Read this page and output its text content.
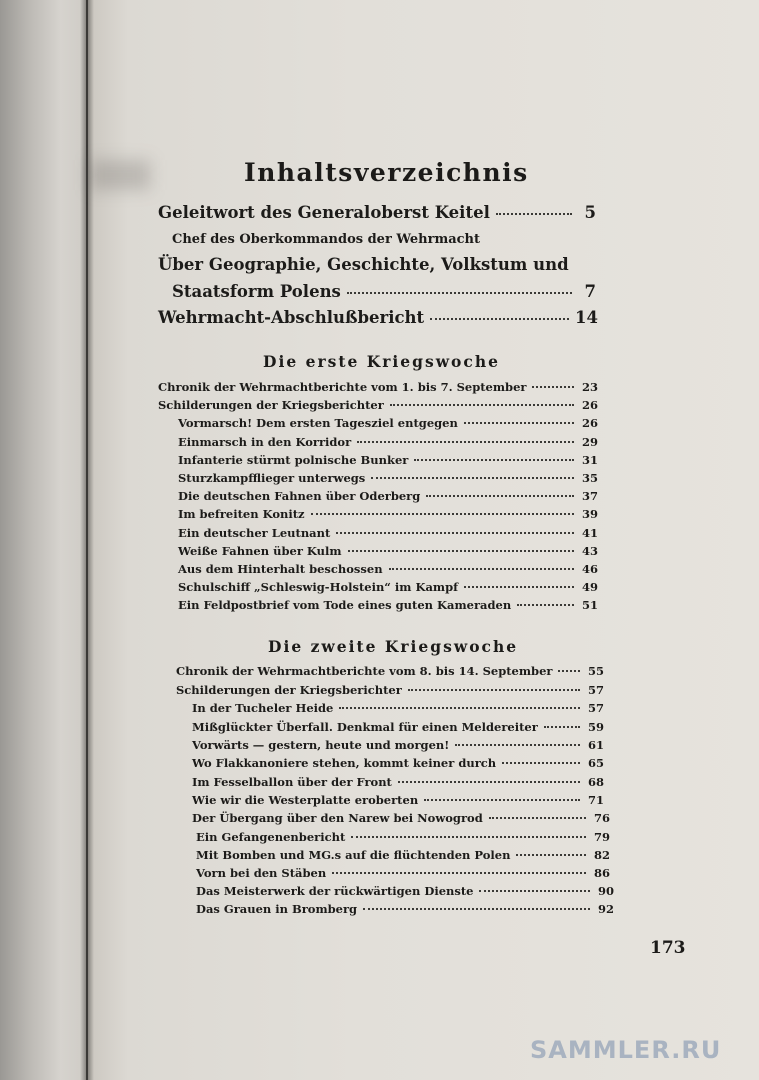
Inhaltsverzeichnis
Geleitwort des Generaloberst Keitel	5
Chef des Oberkommandos der Wehrmacht
Über Geographie, Geschichte, Volkstum und
Staatsform Polens	7
Wehrmacht-Abschlußbericht	14
Die erste Kriegswoche
Chronik der Wehrmachtberichte vom 1. bis 7. September	23
Schilderungen der Kriegsberichter	26
Vormarsch! Dem ersten Tagesziel entgegen	26
Einmarsch in den Korridor	29
Infanterie stürmt polnische Bunker	31
Sturzkampfflieger unterwegs	35
Die deutschen Fahnen über Oderberg	37
Im befreiten Konitz	39
Ein deutscher Leutnant	41
Weiße Fahnen über Kulm	43
Aus dem Hinterhalt beschossen	46
Schulschiff „Schleswig-Holstein“ im Kampf	49
Ein Feldpostbrief vom Tode eines guten Kameraden	51
Die zweite Kriegswoche
Chronik der Wehrmachtberichte vom 8. bis 14. September	55
Schilderungen der Kriegsberichter	57
In der Tucheler Heide	57
Mißglückter Überfall. Denkmal für einen Meldereiter	59
Vorwärts — gestern, heute und morgen!	61
Wo Flakkanoniere stehen, kommt keiner durch	65
Im Fesselballon über der Front	68
Wie wir die Westerplatte eroberten	71
Der Übergang über den Narew bei Nowogrod	76
Ein Gefangenenbericht	79
Mit Bomben und MG.s auf die flüchtenden Polen	82
Vorn bei den Stäben	86
Das Meisterwerk der rückwärtigen Dienste	90
Das Grauen in Bromberg	92
173
SAMMLER.RU
